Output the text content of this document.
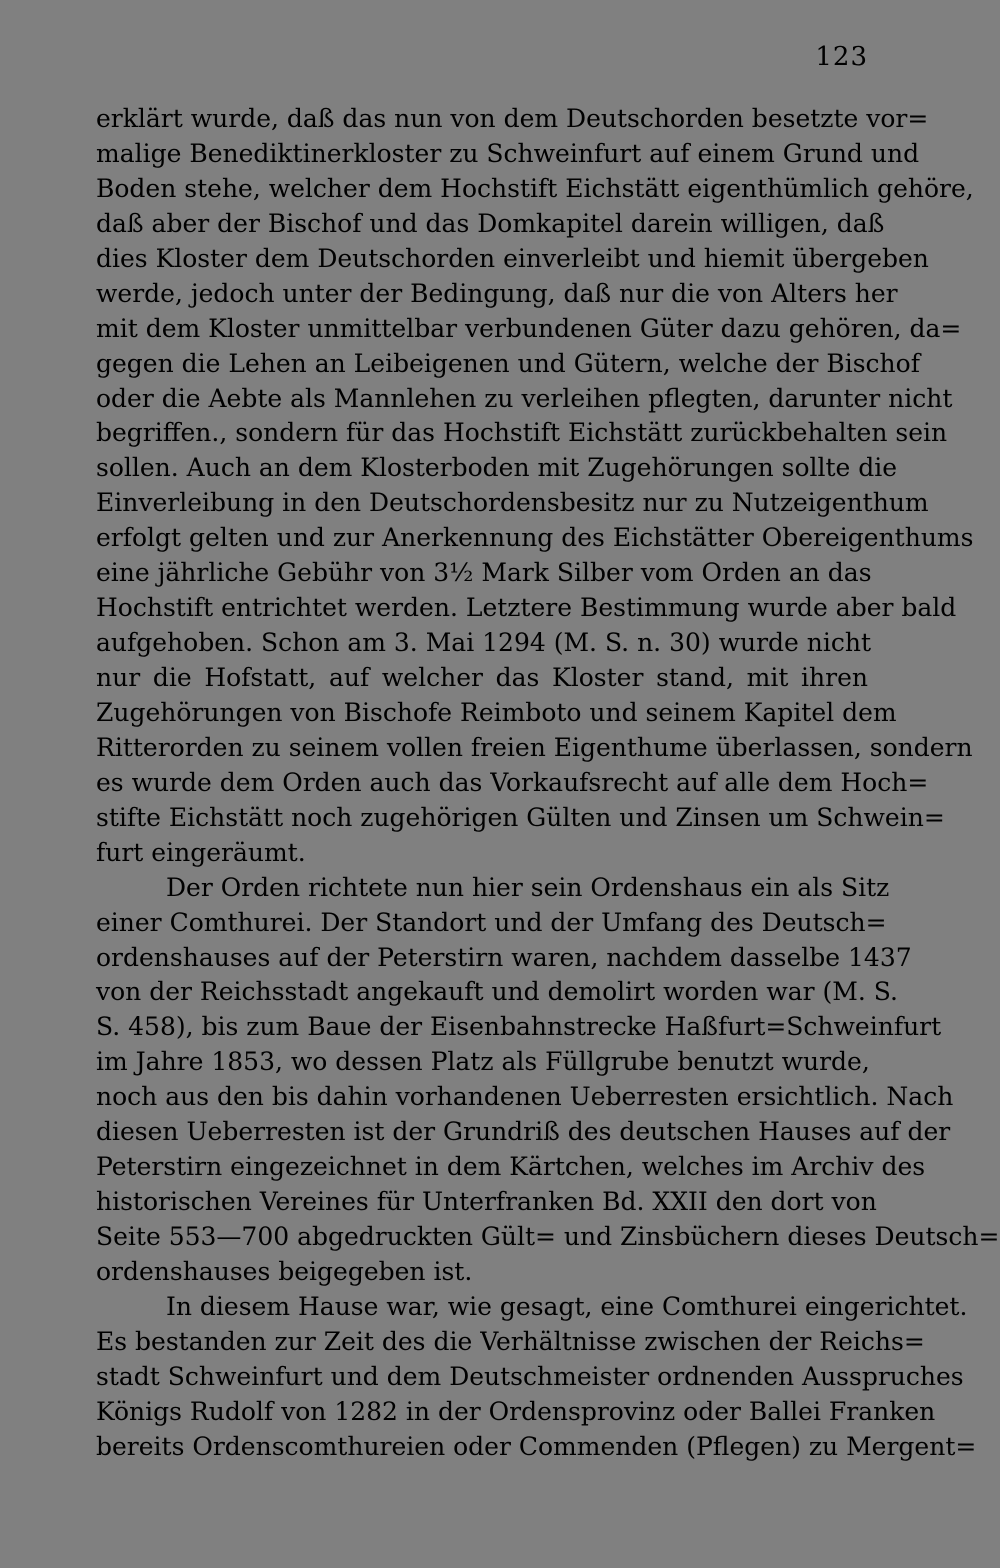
123
erklärt wurde, daß das nun von dem Deutschorden besetzte vor=
malige Benediktinerkloster zu Schweinfurt auf einem Grund und
Boden stehe, welcher dem Hochstift Eichstätt eigenthümlich gehöre,
daß aber der Bischof und das Domkapitel darein willigen, daß
dies Kloster dem Deutschorden einverleibt und hiemit übergeben
werde, jedoch unter der Bedingung, daß nur die von Alters her
mit dem Kloster unmittelbar verbundenen Güter dazu gehören, da=
gegen die Lehen an Leibeigenen und Gütern, welche der Bischof
oder die Aebte als Mannlehen zu verleihen pflegten, darunter nicht
begriffen., sondern für das Hochstift Eichstätt zurückbehalten sein
sollen. Auch an dem Klosterboden mit Zugehörungen sollte die
Einverleibung in den Deutschordensbesitz nur zu Nutzeigenthum
erfolgt gelten und zur Anerkennung des Eichstätter Obereigenthums
eine jährliche Gebühr von 3½ Mark Silber vom Orden an das
Hochstift entrichtet werden. Letztere Bestimmung wurde aber bald
aufgehoben. Schon am 3. Mai 1294 (M. S. n. 30) wurde nicht
nur die Hofstatt, auf welcher das Kloster stand, mit ihren
Zugehörungen von Bischofe Reimboto und seinem Kapitel dem
Ritterorden zu seinem vollen freien Eigenthume überlassen, sondern
es wurde dem Orden auch das Vorkaufsrecht auf alle dem Hoch=
stifte Eichstätt noch zugehörigen Gülten und Zinsen um Schwein=
furt eingeräumt.
Der Orden richtete nun hier sein Ordenshaus ein als Sitz
einer Comthurei. Der Standort und der Umfang des Deutsch=
ordenshauses auf der Peterstirn waren, nachdem dasselbe 1437
von der Reichsstadt angekauft und demolirt worden war (M. S.
S. 458), bis zum Baue der Eisenbahnstrecke Haßfurt=Schweinfurt
im Jahre 1853, wo dessen Platz als Füllgrube benutzt wurde,
noch aus den bis dahin vorhandenen Ueberresten ersichtlich. Nach
diesen Ueberresten ist der Grundriß des deutschen Hauses auf der
Peterstirn eingezeichnet in dem Kärtchen, welches im Archiv des
historischen Vereines für Unterfranken Bd. XXII den dort von
Seite 553—700 abgedruckten Gült= und Zinsbüchern dieses Deutsch=
ordenshauses beigegeben ist.
In diesem Hause war, wie gesagt, eine Comthurei eingerichtet.
Es bestanden zur Zeit des die Verhältnisse zwischen der Reichs=
stadt Schweinfurt und dem Deutschmeister ordnenden Ausspruches
Königs Rudolf von 1282 in der Ordensprovinz oder Ballei Franken
bereits Ordenscomthureien oder Commenden (Pflegen) zu Mergent=
